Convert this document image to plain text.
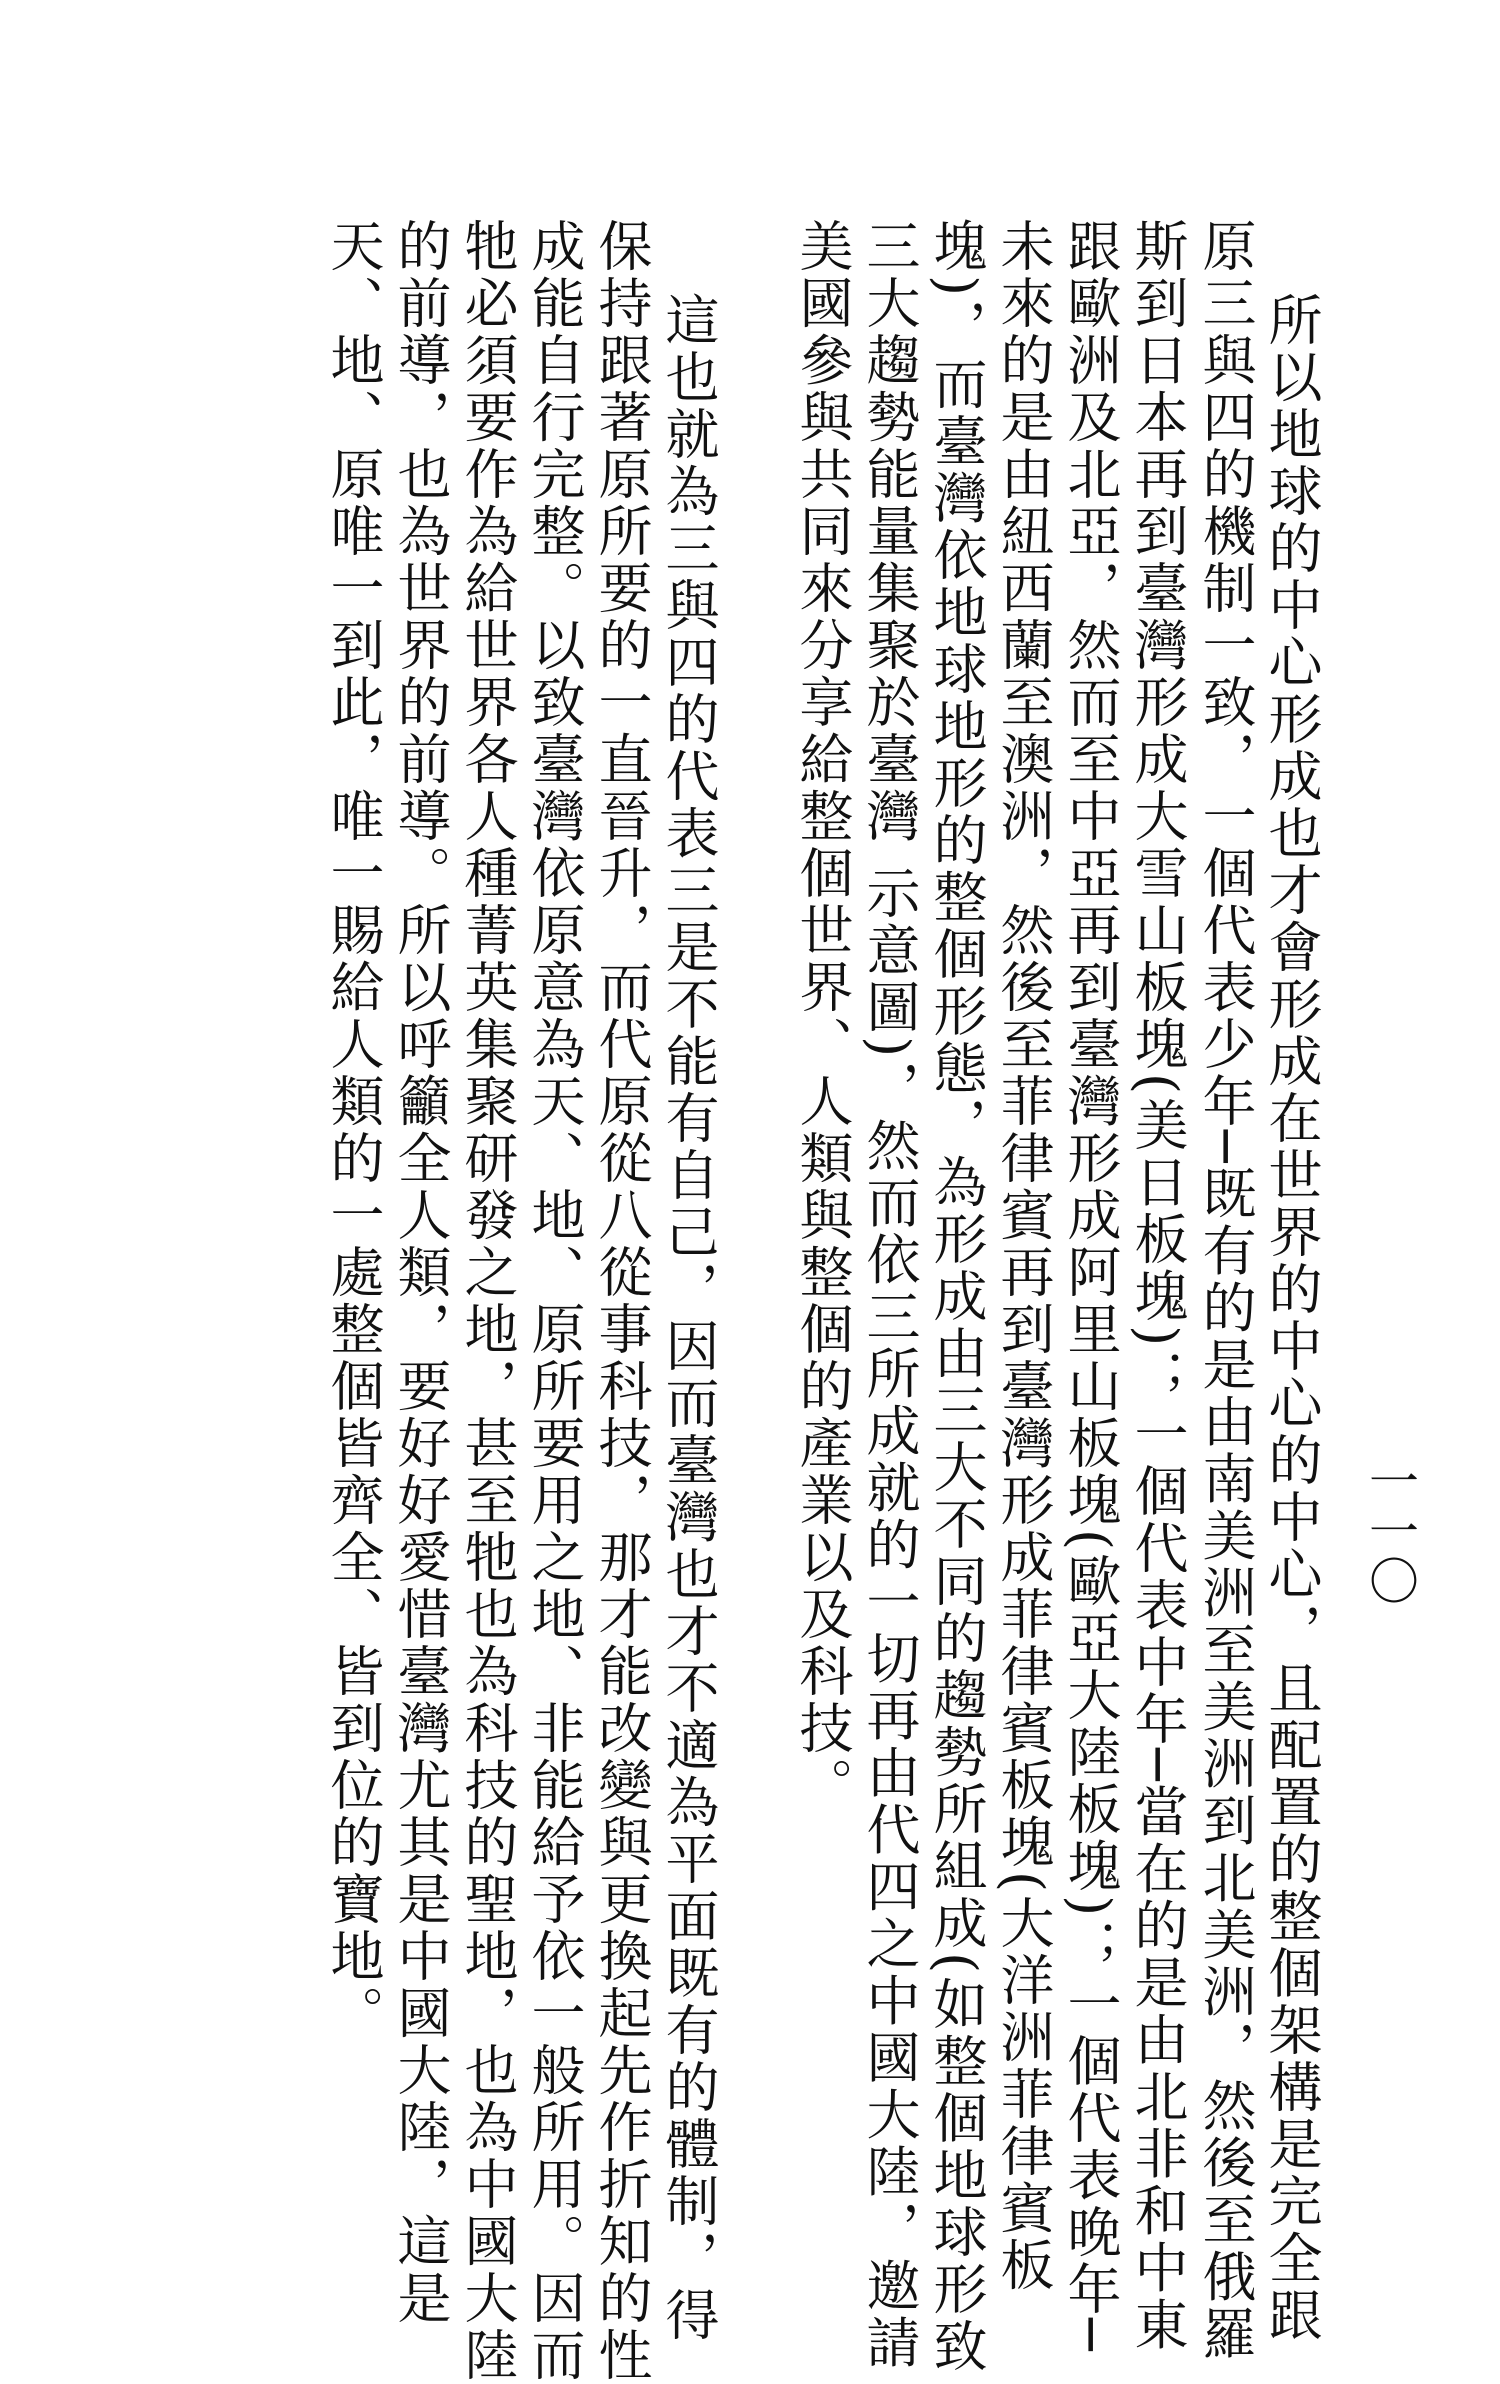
一一〇
所以地球的中心形成也才會形成在世界的中心的中心，且配置的整個架構是完全跟
原三與四的機制一致，一個代表少年─既有的是由南美洲至美洲到北美洲，然後至俄羅
斯到日本再到臺灣形成大雪山板塊(美日板塊)；一個代表中年─當在的是由北非和中東
跟歐洲及北亞，然而至中亞再到臺灣形成阿里山板塊(歐亞大陸板塊)；一個代表晚年─
未來的是由紐西蘭至澳洲，然後至菲律賓再到臺灣形成菲律賓板塊(大洋洲菲律賓板
塊)，而臺灣依地球地形的整個形態，為形成由三大不同的趨勢所組成(如整個地球形致
三大趨勢能量集聚於臺灣 示意圖)，然而依三所成就的一切再由代四之中國大陸，邀請
美國參與共同來分享給整個世界、人類與整個的產業以及科技。
這也就為三與四的代表三是不能有自己，因而臺灣也才不適為平面既有的體制，得
保持跟著原所要的一直晉升，而代原從八從事科技，那才能改變與更換起先作折知的性
成能自行完整。以致臺灣依原意為天、地、原所要用之地、非能給予依一般所用。因而
牠必須要作為給世界各人種菁英集聚研發之地，甚至牠也為科技的聖地，也為中國大陸
的前導，也為世界的前導。所以呼籲全人類，要好好愛惜臺灣尤其是中國大陸，這是
天、地、原唯一到此，唯一賜給人類的一處整個皆齊全、皆到位的寶地。
